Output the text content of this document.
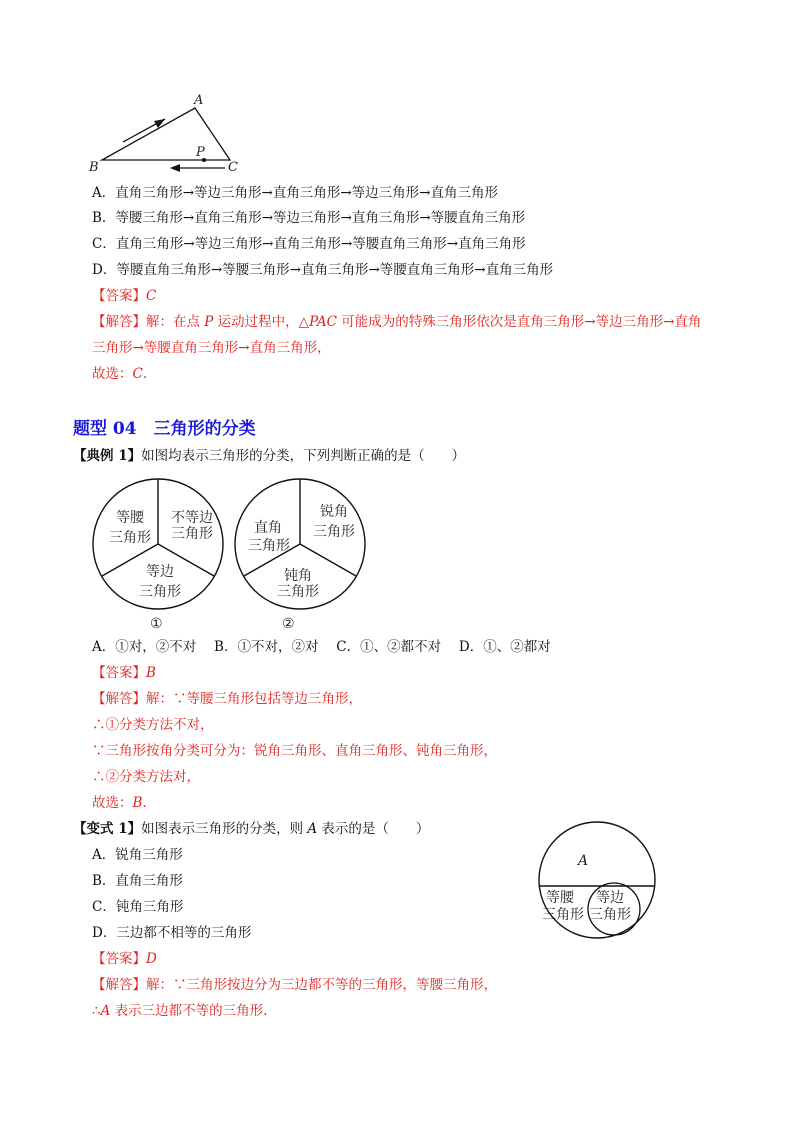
A
B	C
P
A．直角三角形→等边三角形→直角三角形→等边三角形→直角三角形
B．等腰三角形→直角三角形→等边三角形→直角三角形→等腰直角三角形
C．直角三角形→等边三角形→直角三角形→等腰直角三角形→直角三角形
D．等腰直角三角形→等腰三角形→直角三角形→等腰直角三角形→直角三角形
【答案】C
【解答】解：在点 P 运动过程中，△PAC 可能成为的特殊三角形依次是直角三角形→等边三角形→直角
三角形→等腰直角三角形→直角三角形，
故选：C.
题型 04　三角形的分类
【典例 1】如图均表示三角形的分类，下列判断正确的是（　　）
等腰
三角形
不等边
三角形
等边
三角形
①
直角
三角形
锐角
三角形
钝角
三角形
②
A．①对，②不对　 B．①不对，②对　 C．①、②都不对　 D．①、②都对
【答案】B
【解答】解：∵等腰三角形包括等边三角形，
∴①分类方法不对，
∵三角形按角分类可分为：锐角三角形、直角三角形、钝角三角形，
∴②分类方法对，
故选：B.
【变式 1】如图表示三角形的分类，则 A 表示的是（　　）
A．锐角三角形
B．直角三角形
C．钝角三角形
D．三边都不相等的三角形
A
等腰
三角形
等边
三角形
【答案】D
【解答】解：∵三角形按边分为三边都不等的三角形，等腰三角形，
∴A 表示三边都不等的三角形.
